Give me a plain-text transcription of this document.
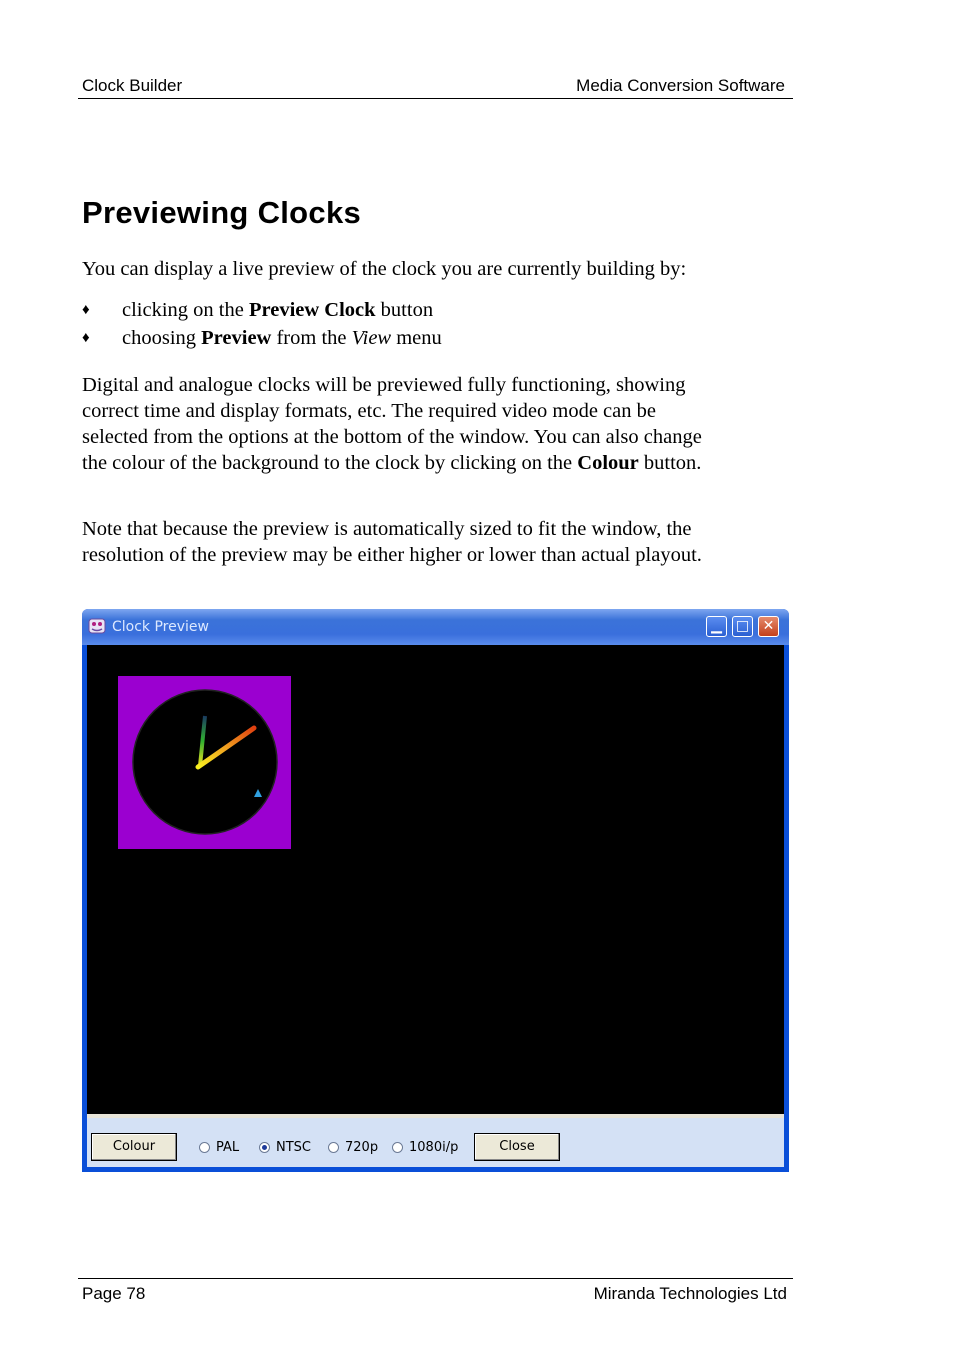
Clock Builder	Media Conversion Software
Previewing Clocks

You can display a live preview of the clock you are currently building by:

♦ clicking on the Preview Clock button
♦ choosing Preview from the View menu
Digital and analogue clocks will be previewed fully functioning, showing
correct time and display formats, etc. The required video mode can be
selected from the options at the bottom of the window. You can also change
the colour of the background to the clock by clicking on the Colour button.
Note that because the preview is automatically sized to fit the window, the
resolution of the preview may be either higher or lower than actual playout.
Clock Preview	▁ □ ✕
Colour	PAL	NTSC	720p	1080i/p	Close
Page 78	Miranda Technologies Ltd
